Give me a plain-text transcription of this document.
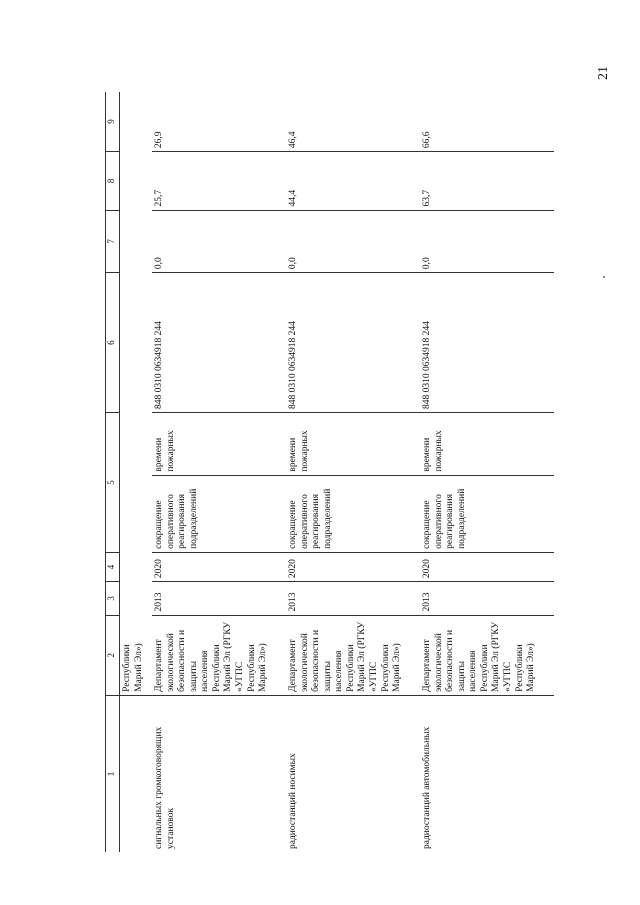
21
1	2	3	4	5		6	7	8	9
	Республики Марий Эл»)								
сигнальных громкоговорящих установок	Департамент экологической безопасности и защиты населения Республики Марий Эл (РГКУ «УГПС Республики Марий Эл»)	2013	2020	сокращение оперативного реагирования подразделений	времени пожарных	848 0310 0634918 244	0,0	25,7	26,9
радиостанций носимых	Департамент экологической безопасности и защиты населения Республики Марий Эл (РГКУ «УГПС Республики Марий Эл»)	2013	2020	сокращение оперативного реагирования подразделений	времени пожарных	848 0310 0634918 244	0,0	44,4	46,4
радиостанций автомобильных	Департамент экологической безопасности и защиты населения Республики Марий Эл (РГКУ «УГПС Республики Марий Эл»)	2013	2020	сокращение оперативного реагирования подразделений	времени пожарных	848 0310 0634918 244	0,0	63,7	66,6
